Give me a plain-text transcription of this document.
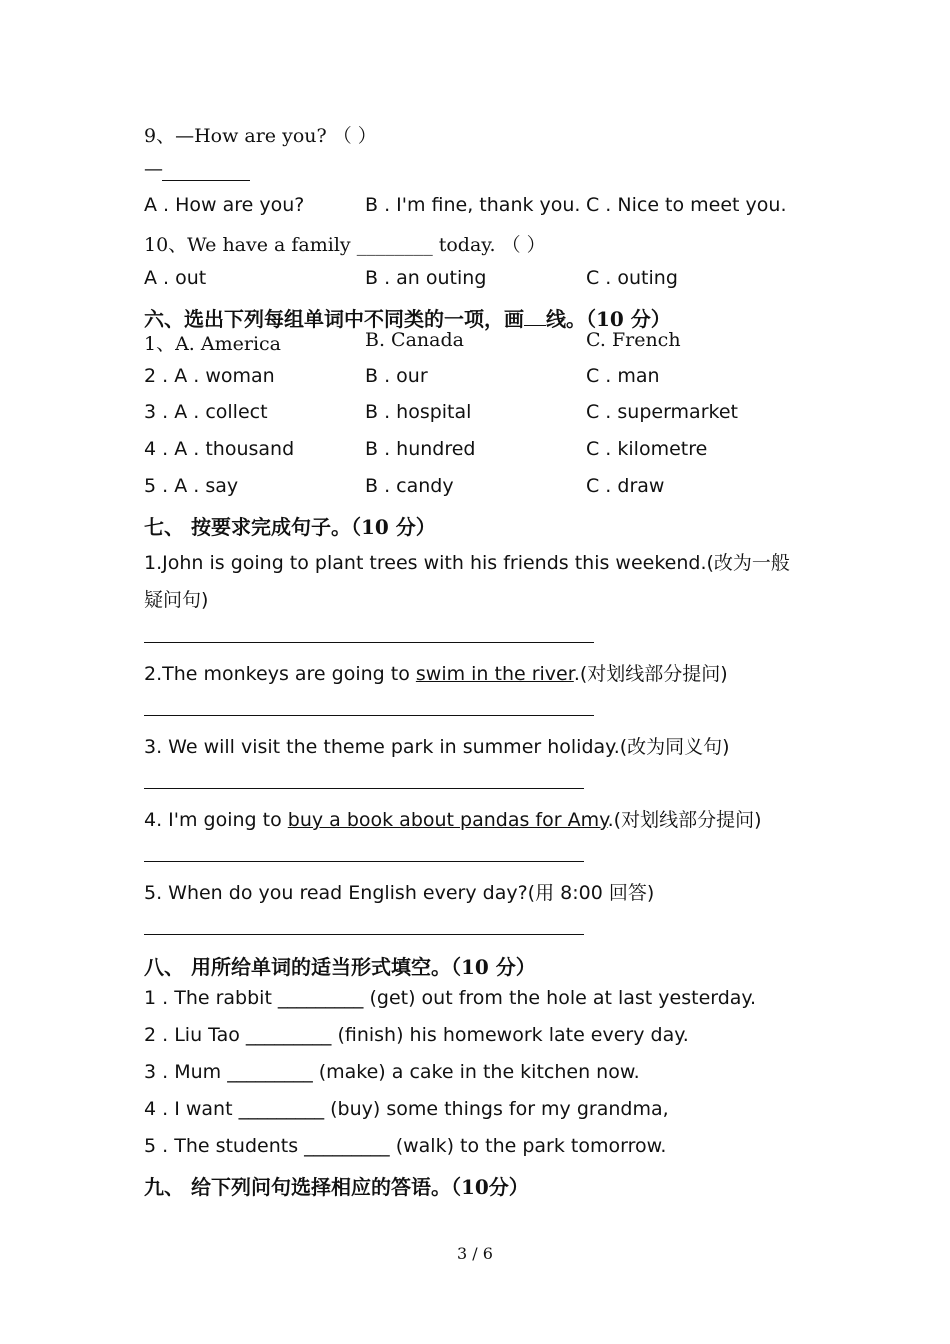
9、—How are you? （ ）
—
A . How are you?	B . I'm fine, thank you. C . Nice to meet you.
10、We have a family ________ today. （ ）
A . out	B . an outing	C . outing
六、选出下列每组单词中不同类的一项，画 线。（10 分）
1、A. America	B. Canada	C. French
2 . A . woman	B . our	C . man
3 . A . collect	B . hospital	C . supermarket
4 . A . thousand	B . hundred	C . kilometre
5 . A . say	B . candy	C . draw
七、 按要求完成句子。（10 分）
1.John is going to plant trees with his friends this weekend.(改为一般
疑问句)
2.The monkeys are going to swim in the river.(对划线部分提问)
3. We will visit the theme park in summer holiday.(改为同义句)
4. I'm going to buy a book about pandas for Amy.(对划线部分提问)
5. When do you read English every day?(用 8:00 回答)
八、 用所给单词的适当形式填空。（10 分）
1 . The rabbit _________ (get) out from the hole at last yesterday.
2 . Liu Tao _________ (finish) his homework late every day.
3 . Mum _________ (make) a cake in the kitchen now.
4 . I want _________ (buy) some things for my grandma,
5 . The students _________ (walk) to the park tomorrow.
九、 给下列问句选择相应的答语。（10分）
3 / 6
